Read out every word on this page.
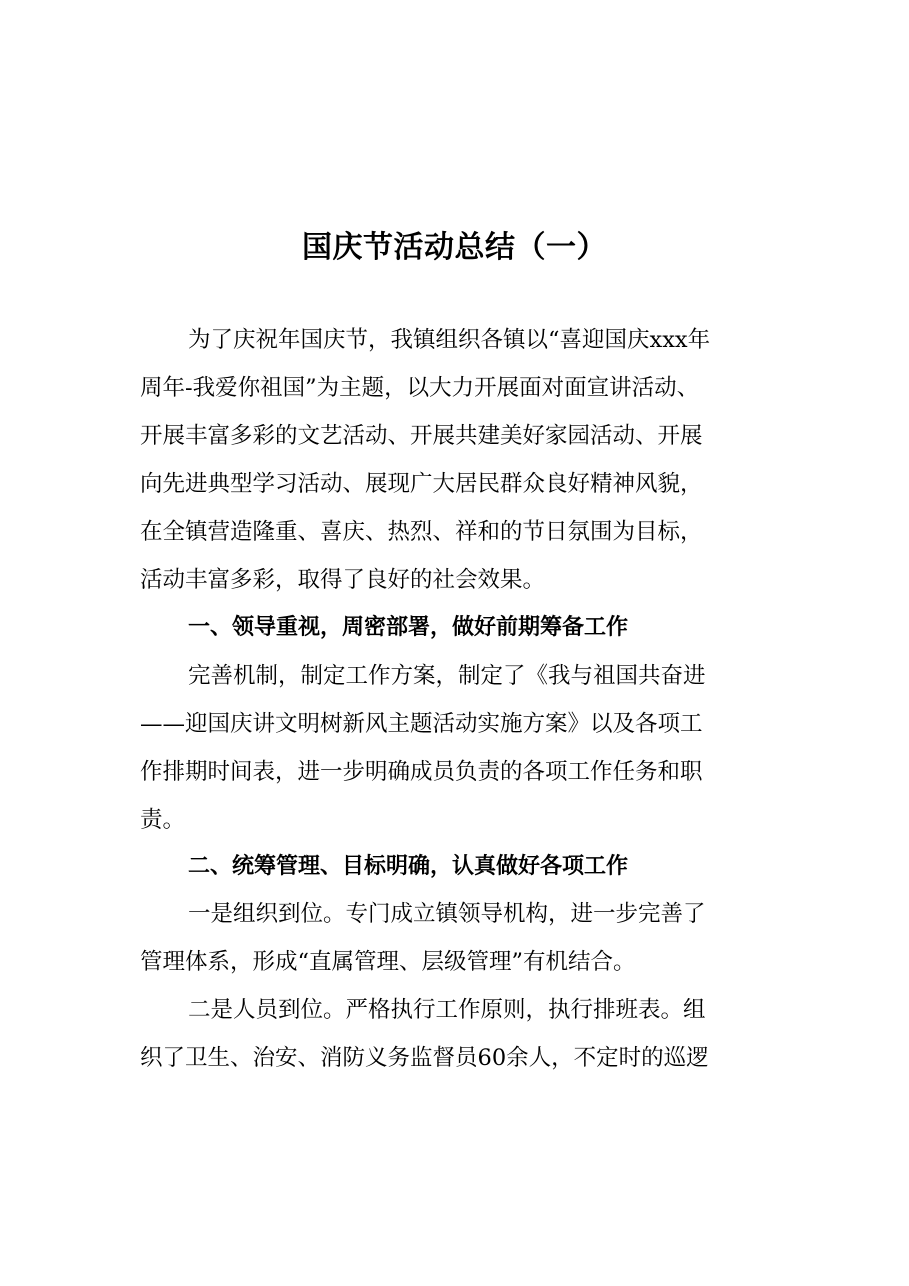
国庆节活动总结（一）
为了庆祝年国庆节，我镇组织各镇以“喜迎国庆xxx年
周年-我爱你祖国”为主题，以大力开展面对面宣讲活动、
开展丰富多彩的文艺活动、开展共建美好家园活动、开展
向先进典型学习活动、展现广大居民群众良好精神风貌，
在全镇营造隆重、喜庆、热烈、祥和的节日氛围为目标，
活动丰富多彩，取得了良好的社会效果。
一、领导重视，周密部署，做好前期筹备工作
完善机制，制定工作方案，制定了《我与祖国共奋进
——迎国庆讲文明树新风主题活动实施方案》以及各项工
作排期时间表，进一步明确成员负责的各项工作任务和职
责。
二、统筹管理、目标明确，认真做好各项工作
一是组织到位。专门成立镇领导机构，进一步完善了
管理体系，形成“直属管理、层级管理”有机结合。
二是人员到位。严格执行工作原则，执行排班表。组
织了卫生、治安、消防义务监督员60余人，不定时的巡逻
